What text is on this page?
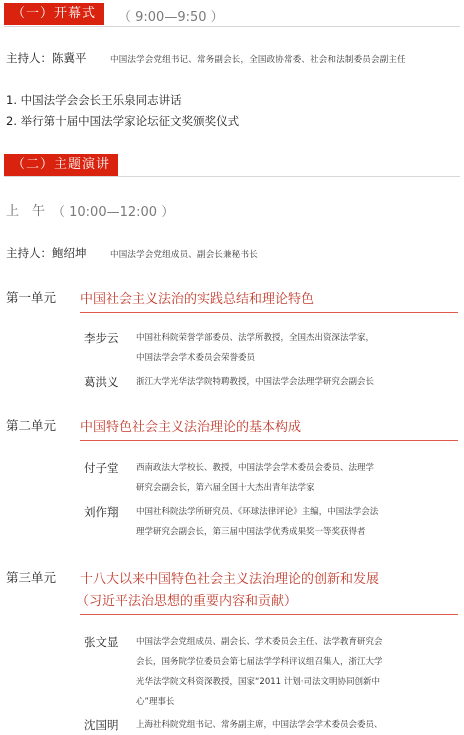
（一）开幕式	（ 9:00—9:50 ）
主持人：陈冀平	中国法学会党组书记、常务副会长，全国政协常委、社会和法制委员会副主任
1. 中国法学会会长王乐泉同志讲话
2. 举行第十届中国法学家论坛征文奖颁奖仪式
（二）主题演讲
上　午 （ 10:00—12:00 ）
主持人：鲍绍坤	中国法学会党组成员、副会长兼秘书长
第一单元 中国社会主义法治的实践总结和理论特色
李步云 中国社科院荣誉学部委员、法学所教授，全国杰出资深法学家，
中国法学会学术委员会荣誉委员
葛洪义 浙江大学光华法学院特聘教授，中国法学会法理学研究会副会长
第二单元 中国特色社会主义法治理论的基本构成
付子堂 西南政法大学校长、教授，中国法学会学术委员会委员、法理学
研究会副会长，第六届全国十大杰出青年法学家
刘作翔 中国社科院法学所研究员、《环球法律评论》主编，中国法学会法
理学研究会副会长，第三届中国法学优秀成果奖一等奖获得者
第三单元 十八大以来中国特色社会主义法治理论的创新和发展
（习近平法治思想的重要内容和贡献）
张文显 中国法学会党组成员、副会长、学术委员会主任、法学教育研究会
会长，国务院学位委员会第七届法学学科评议组召集人，浙江大学
光华法学院文科资深教授，国家“2011 计划·司法文明协同创新中
心”理事长
沈国明 上海社科院党组书记、常务副主席，中国法学会学术委员会委员、
